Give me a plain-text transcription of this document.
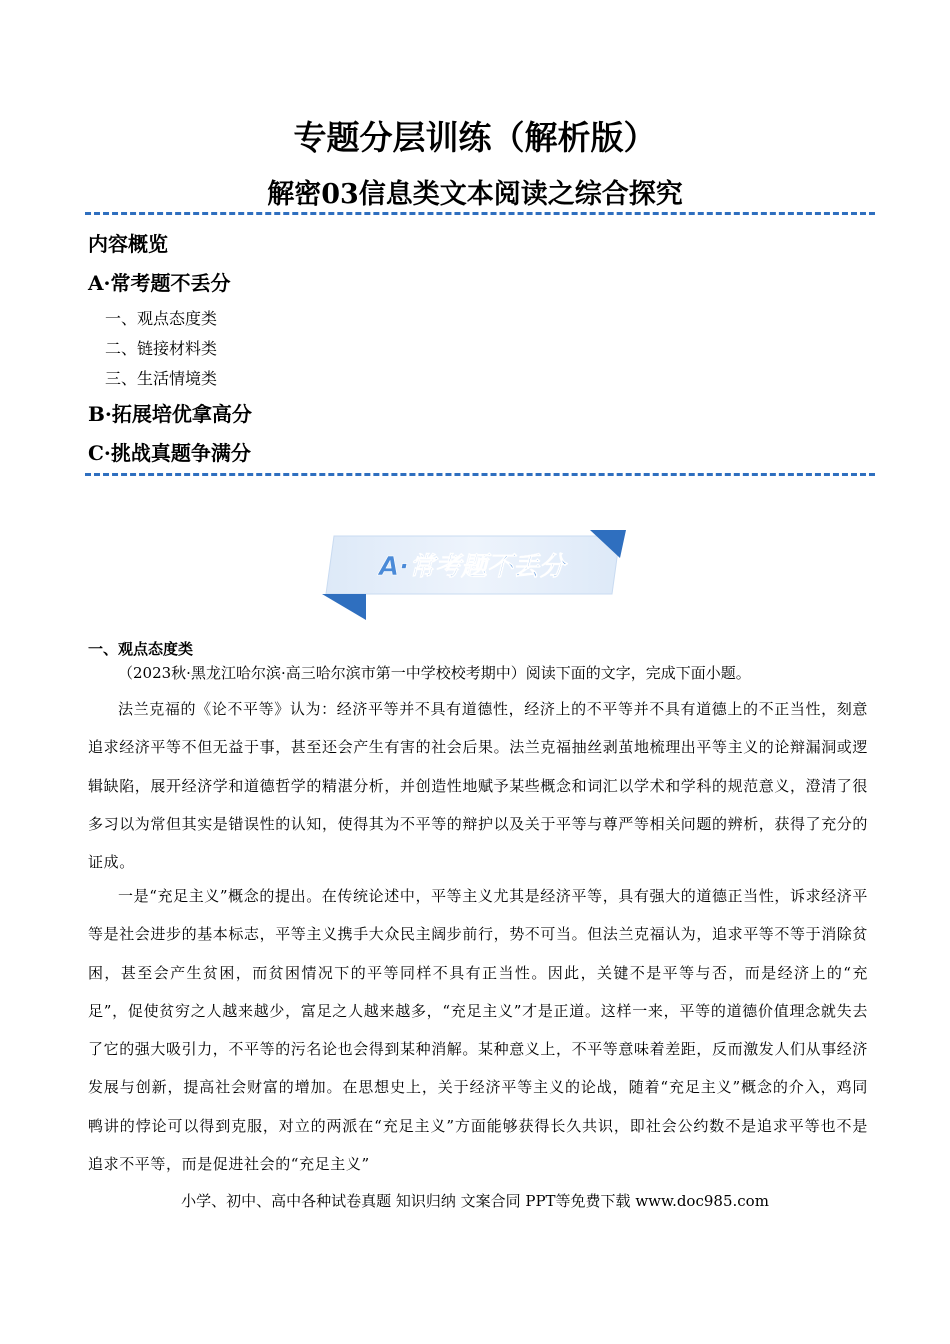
专题分层训练（解析版）
解密03信息类文本阅读之综合探究
内容概览
A·常考题不丢分
一、观点态度类
二、链接材料类
三、生活情境类
B·拓展培优拿高分
C·挑战真题争满分
A·常考题不丢分
一、观点态度类
（2023秋·黑龙江哈尔滨·高三哈尔滨市第一中学校校考期中）阅读下面的文字，完成下面小题。
法兰克福的《论不平等》认为：经济平等并不具有道德性，经济上的不平等并不具有道德上的不正当性，刻意追求经济平等不但无益于事，甚至还会产生有害的社会后果。法兰克福抽丝剥茧地梳理出平等主义的论辩漏洞或逻辑缺陷，展开经济学和道德哲学的精湛分析，并创造性地赋予某些概念和词汇以学术和学科的规范意义，澄清了很多习以为常但其实是错误性的认知，使得其为不平等的辩护以及关于平等与尊严等相关问题的辨析，获得了充分的证成。
一是“充足主义”概念的提出。在传统论述中，平等主义尤其是经济平等，具有强大的道德正当性，诉求经济平等是社会进步的基本标志，平等主义携手大众民主阔步前行，势不可当。但法兰克福认为，追求平等不等于消除贫困，甚至会产生贫困，而贫困情况下的平等同样不具有正当性。因此，关键不是平等与否，而是经济上的“充足”，促使贫穷之人越来越少，富足之人越来越多，“充足主义”才是正道。这样一来，平等的道德价值理念就失去了它的强大吸引力，不平等的污名论也会得到某种消解。某种意义上，不平等意味着差距，反而激发人们从事经济发展与创新，提高社会财富的增加。在思想史上，关于经济平等主义的论战，随着“充足主义”概念的介入，鸡同鸭讲的悖论可以得到克服，对立的两派在“充足主义”方面能够获得长久共识，即社会公约数不是追求平等也不是追求不平等，而是促进社会的“充足主义”
小学、初中、高中各种试卷真题 知识归纳 文案合同 PPT等免费下载 www.doc985.com
